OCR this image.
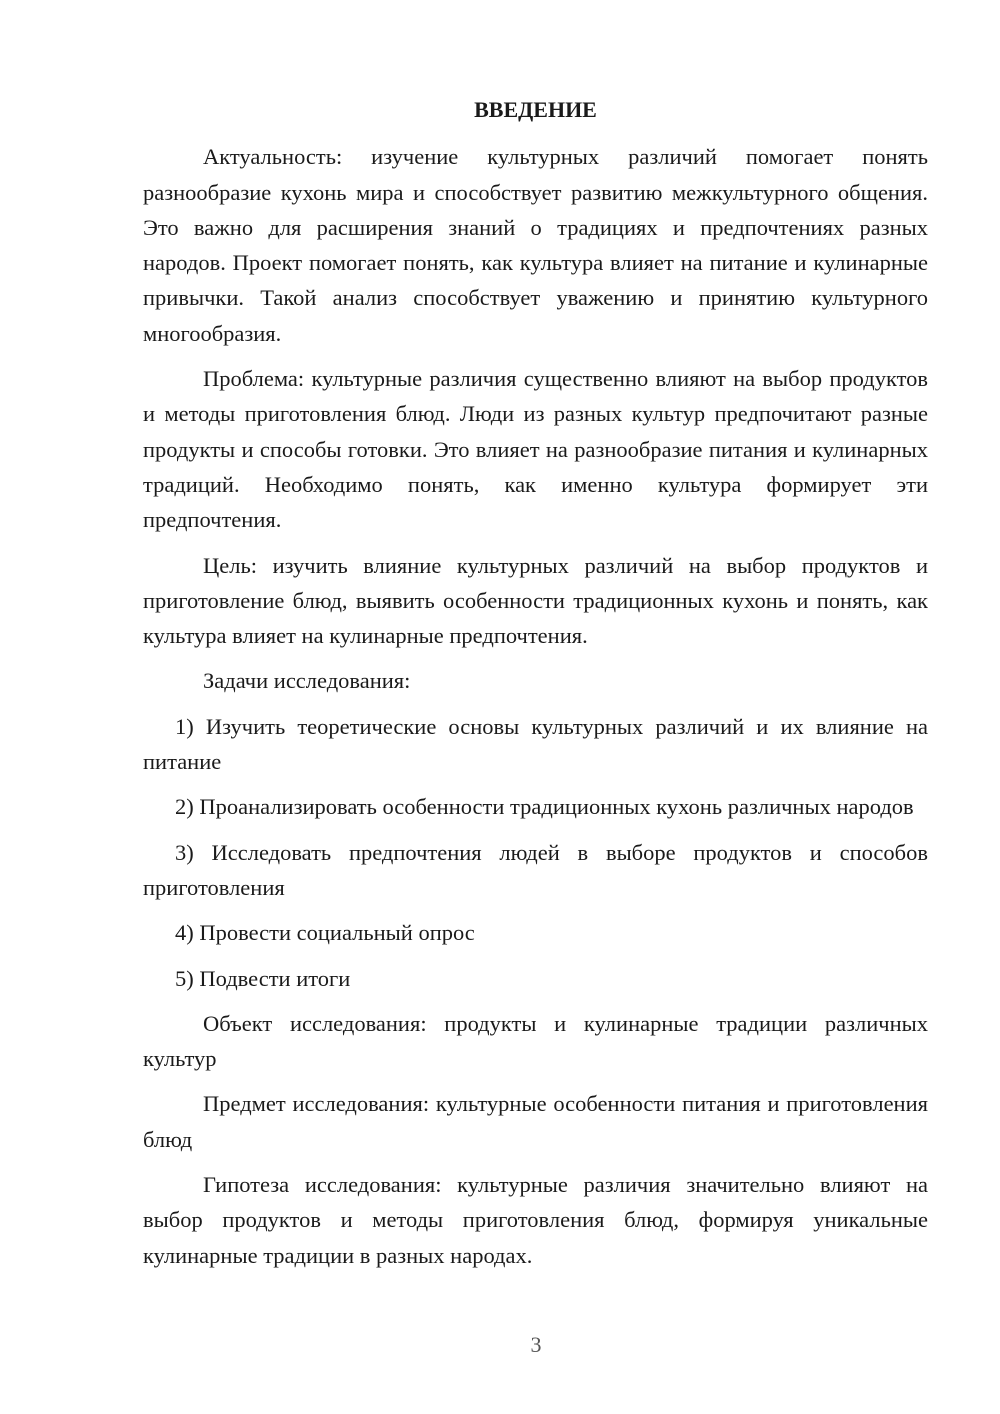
ВВЕДЕНИЕ

Актуальность: изучение культурных различий помогает понять разнообразие кухонь мира и способствует развитию межкультурного общения. Это важно для расширения знаний о традициях и предпочтениях разных народов. Проект помогает понять, как культура влияет на питание и кулинарные привычки. Такой анализ способствует уважению и принятию культурного многообразия.

Проблема: культурные различия существенно влияют на выбор продуктов и методы приготовления блюд. Люди из разных культур предпочитают разные продукты и способы готовки. Это влияет на разнообразие питания и кулинарных традиций. Необходимо понять, как именно культура формирует эти предпочтения.

Цель: изучить влияние культурных различий на выбор продуктов и приготовление блюд, выявить особенности традиционных кухонь и понять, как культура влияет на кулинарные предпочтения.

Задачи исследования:

1) Изучить теоретические основы культурных различий и их влияние на питание

2) Проанализировать особенности традиционных кухонь различных народов

3) Исследовать предпочтения людей в выборе продуктов и способов приготовления

4) Провести социальный опрос

5) Подвести итоги

Объект исследования: продукты и кулинарные традиции различных культур

Предмет исследования: культурные особенности питания и приготовления блюд

Гипотеза исследования: культурные различия значительно влияют на выбор продуктов и методы приготовления блюд, формируя уникальные кулинарные традиции в разных народах.

3
